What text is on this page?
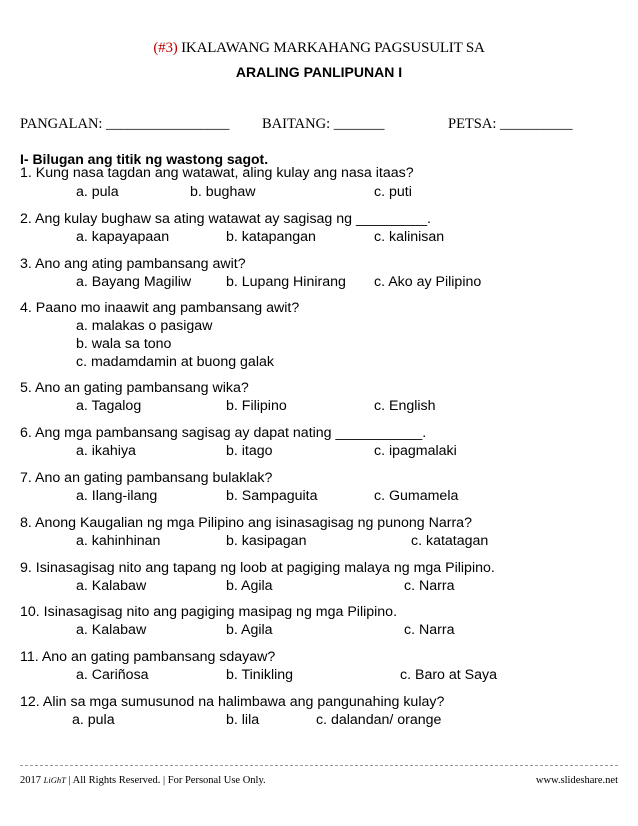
(#3) IKALAWANG MARKAHANG PAGSUSULIT SA
ARALING PANLIPUNAN I
PANGALAN: _________________ BAITANG: _______	PETSA: __________
I- Bilugan ang titik ng wastong sagot.
1. Kung nasa tagdan ang watawat, aling kulay ang nasa itaas?
a. pula	b. bughaw	c. puti
2. Ang kulay bughaw sa ating watawat ay sagisag ng _________.
a. kapayapaan	b. katapangan	c. kalinisan
3. Ano ang ating pambansang awit?
a. Bayang Magiliw b. Lupang Hinirang c. Ako ay Pilipino
4. Paano mo inaawit ang pambansang awit?
a. malakas o pasigaw
b. wala sa tono
c. madamdamin at buong galak
5. Ano an gating pambansang wika?
a. Tagalog	b. Filipino	c. English
6. Ang mga pambansang sagisag ay dapat nating ___________.
a. ikahiya	b. itago	c. ipagmalaki
7. Ano an gating pambansang bulaklak?
a. Ilang-ilang	b. Sampaguita	c. Gumamela
8. Anong Kaugalian ng mga Pilipino ang isinasagisag ng punong Narra?
a. kahinhinan	b. kasipagan	c. katatagan
9. Isinasagisag nito ang tapang ng loob at pagiging malaya ng mga Pilipino.
a. Kalabaw	b. Agila	c. Narra
10. Isinasagisag nito ang pagiging masipag ng mga Pilipino.
a. Kalabaw	b. Agila	c. Narra
11. Ano an gating pambansang sdayaw?
a. Cariñosa	b. Tinikling	c. Baro at Saya
12. Alin sa mga sumusunod na halimbawa ang pangunahing kulay?
a. pula	b. lila	c. dalandan/ orange
2017 LiGhT | All Rights Reserved. | For Personal Use Only.	www.slideshare.net
